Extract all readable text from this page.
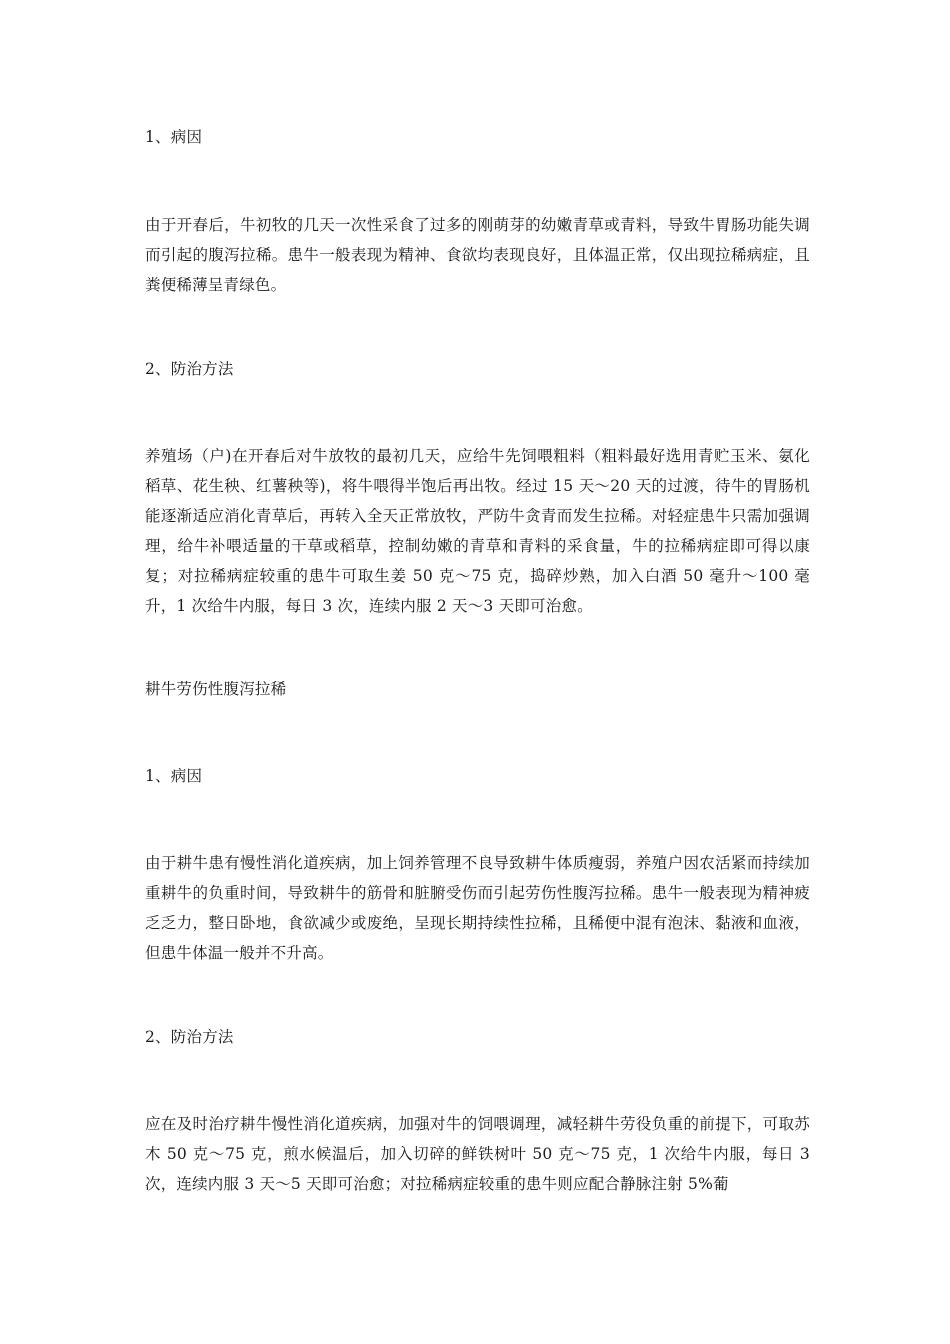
1、病因

由于开春后，牛初牧的几天一次性采食了过多的刚萌芽的幼嫩青草或青料，导致牛胃肠功能失调而引起的腹泻拉稀。患牛一般表现为精神、食欲均表现良好，且体温正常，仅出现拉稀病症，且粪便稀薄呈青绿色。

2、防治方法

养殖场（户)在开春后对牛放牧的最初几天，应给牛先饲喂粗料（粗料最好选用青贮玉米、氨化稻草、花生秧、红薯秧等)，将牛喂得半饱后再出牧。经过 15 天～20 天的过渡，待牛的胃肠机能逐渐适应消化青草后，再转入全天正常放牧，严防牛贪青而发生拉稀。对轻症患牛只需加强调理，给牛补喂适量的干草或稻草，控制幼嫩的青草和青料的采食量，牛的拉稀病症即可得以康复；对拉稀病症较重的患牛可取生姜 50 克～75 克，捣碎炒熟，加入白酒 50 毫升～100 毫升，1 次给牛内服，每日 3 次，连续内服 2 天～3 天即可治愈。

耕牛劳伤性腹泻拉稀

1、病因

由于耕牛患有慢性消化道疾病，加上饲养管理不良导致耕牛体质瘦弱，养殖户因农活紧而持续加重耕牛的负重时间，导致耕牛的筋骨和脏腑受伤而引起劳伤性腹泻拉稀。患牛一般表现为精神疲乏乏力，整日卧地，食欲减少或废绝，呈现长期持续性拉稀，且稀便中混有泡沫、黏液和血液，但患牛体温一般并不升高。

2、防治方法

应在及时治疗耕牛慢性消化道疾病，加强对牛的饲喂调理，减轻耕牛劳役负重的前提下，可取苏木 50 克～75 克，煎水候温后，加入切碎的鲜铁树叶 50 克～75 克，1 次给牛内服，每日 3 次，连续内服 3 天～5 天即可治愈；对拉稀病症较重的患牛则应配合静脉注射 5%葡
